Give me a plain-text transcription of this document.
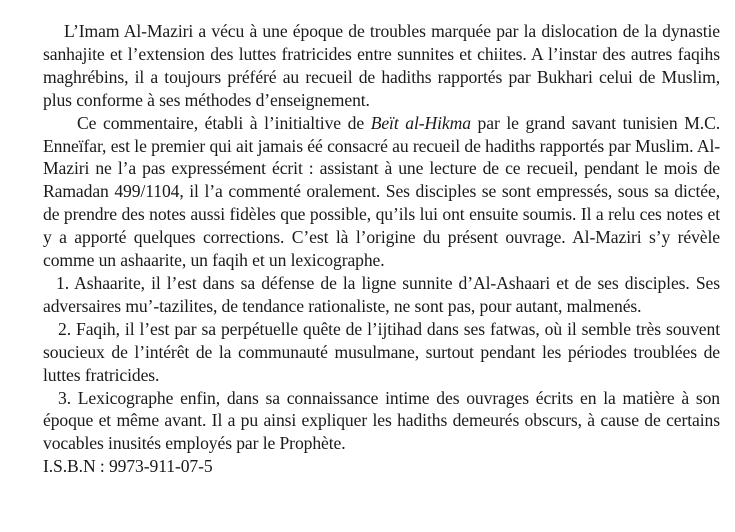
L’Imam Al-Maziri a vécu à une époque de troubles marquée par la dislocation de la dynastie sanhajite et l’extension des luttes fratricides entre sunnites et chiites. A l’instar des autres faqihs maghrébins, il a toujours préféré au recueil de hadiths rapportés par Bukhari celui de Muslim, plus conforme à ses méthodes d’enseignement.

Ce commentaire, établi à l’initialtive de Beït al-Hikma par le grand savant tunisien M.C. Enneïfar, est le premier qui ait jamais éé consacré au recueil de hadiths rapportés par Muslim. Al-Maziri ne l’a pas expressément écrit : assistant à une lecture de ce recueil, pendant le mois de Ramadan 499/1104, il l’a commenté oralement. Ses disciples se sont empressés, sous sa dictée, de prendre des notes aussi fidèles que possible, qu’ils lui ont ensuite soumis. Il a relu ces notes et y a apporté quelques corrections. C’est là l’origine du présent ouvrage. Al-Maziri s’y révèle comme un ashaarite, un faqih et un lexicographe.

1. Ashaarite, il l’est dans sa défense de la ligne sunnite d’Al-Ashaari et de ses disciples. Ses adversaires mu’-tazilites, de tendance rationaliste, ne sont pas, pour autant, malmenés.

2. Faqih, il l’est par sa perpétuelle quête de l’ijtihad dans ses fatwas, où il semble très souvent soucieux de l’intérêt de la communauté musulmane, surtout pendant les périodes troublées de luttes fratricides.

3. Lexicographe enfin, dans sa connaissance intime des ouvrages écrits en la matière à son époque et même avant. Il a pu ainsi expliquer les hadiths demeurés obscurs, à cause de certains vocables inusités employés par le Prophète.

I.S.B.N : 9973-911-07-5
